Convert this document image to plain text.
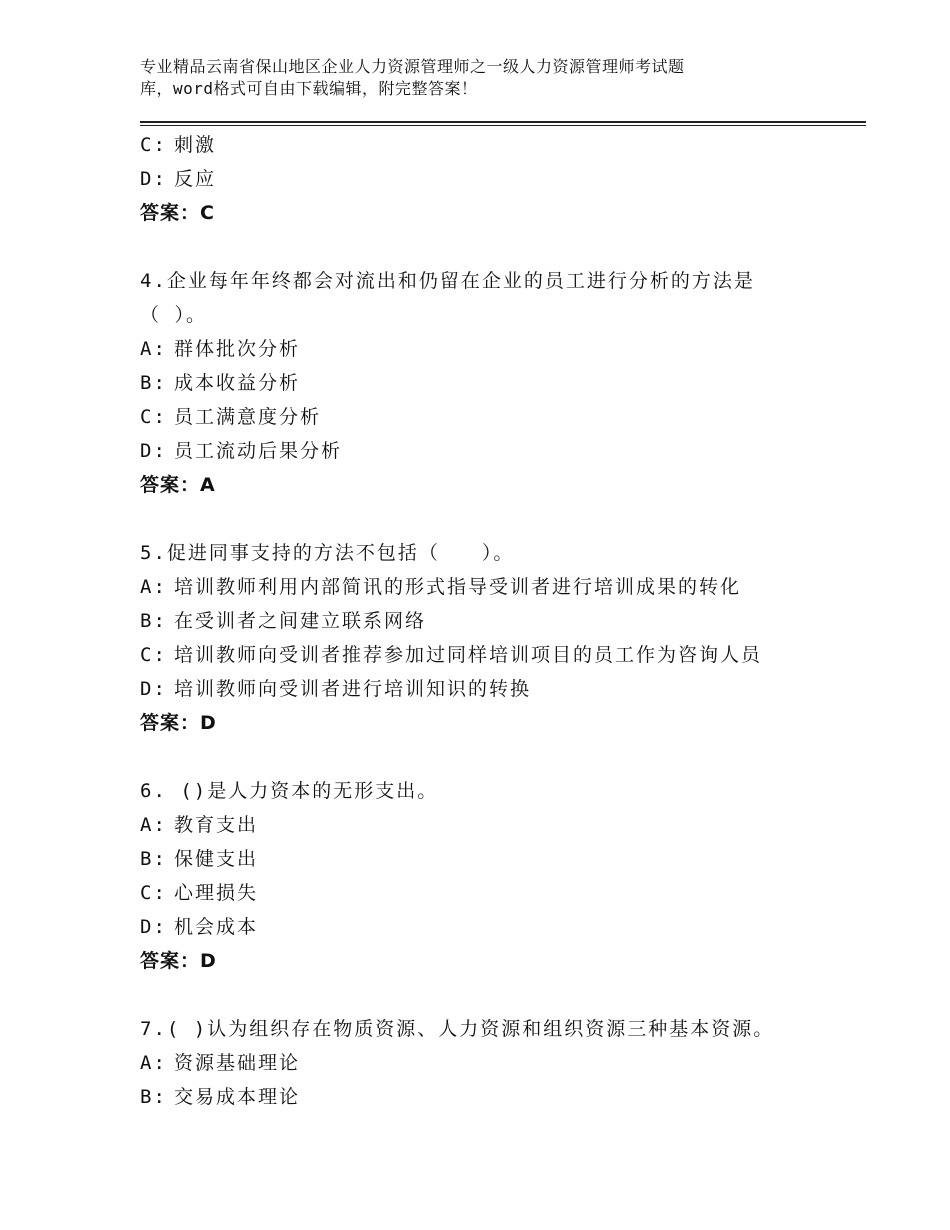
专业精品云南省保山地区企业人力资源管理师之一级人力资源管理师考试题
库，word格式可自由下载编辑，附完整答案！
C: 刺激
D: 反应
答案：C
4.企业每年年终都会对流出和仍留在企业的员工进行分析的方法是
（ ）。
A: 群体批次分析
B: 成本收益分析
C: 员工满意度分析
D: 员工流动后果分析
答案：A
5.促进同事支持的方法不包括（　　）。
A: 培训教师利用内部简讯的形式指导受训者进行培训成果的转化
B: 在受训者之间建立联系网络
C: 培训教师向受训者推荐参加过同样培训项目的员工作为咨询人员
D: 培训教师向受训者进行培训知识的转换
答案：D
6. ()是人力资本的无形支出。
A: 教育支出
B: 保健支出
C: 心理损失
D: 机会成本
答案：D
7.( )认为组织存在物质资源、人力资源和组织资源三种基本资源。
A: 资源基础理论
B: 交易成本理论
